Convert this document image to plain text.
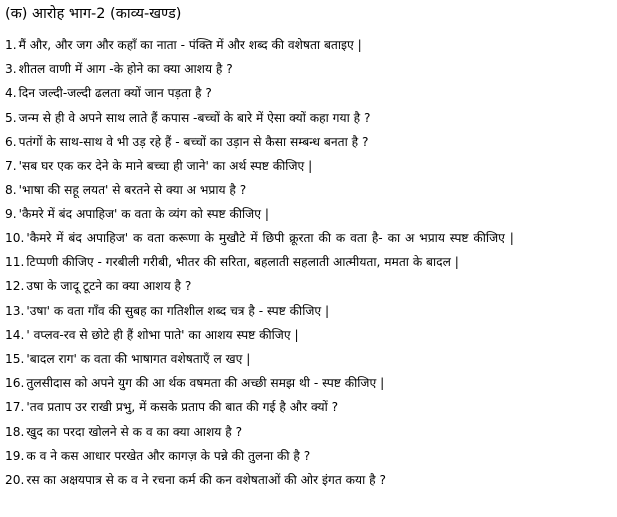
(क) आरोह भाग-2 (काव्य-खण्ड)
1. मैं और, और जग और कहाँ का नाता - पंक्ति में और शब्द की वशेषता बताइए |
3. शीतल वाणी में आग -के होने का क्या आशय है ?
4. दिन जल्दी-जल्दी ढलता क्यों जान पड़ता है ?
5. जन्म से ही वे अपने साथ लाते हैं कपास -बच्चों के बारे में ऐसा क्यों कहा गया है ?
6. पतंगों के साथ-साथ वे भी उड़ रहे हैं - बच्चों का उड़ान से कैसा सम्बन्ध बनता है ?
7. 'सब घर एक कर देने के माने बच्चा ही जाने' का अर्थ स्पष्ट कीजिए |
8. 'भाषा की सहू लयत' से बरतने से क्या अ भप्राय है ?
9. 'कैमरे में बंद अपाहिज' क वता के व्यंग को स्पष्ट कीजिए |
10. 'कैमरे में बंद अपाहिज' क वता करूणा के मुखौटे में छिपी क्रूरता की क वता है- का अ भप्राय स्पष्ट कीजिए |
11. टिप्पणी कीजिए - गरबीली गरीबी, भीतर की सरिता, बहलाती सहलाती आत्मीयता, ममता के बादल |
12. उषा के जादू टूटने का क्या आशय है ?
13. 'उषा' क वता गाँव की सुबह का गतिशील शब्द चत्र है - स्पष्ट कीजिए |
14. ' वप्लव-रव से छोटे ही हैं शोभा पाते' का आशय स्पष्ट कीजिए |
15. 'बादल राग' क वता की भाषागत वशेषताएँ ल खए |
16. तुलसीदास को अपने युग की आ र्थक वषमता की अच्छी समझ थी - स्पष्ट कीजिए |
17. 'तव प्रताप उर राखी प्रभु, में कसके प्रताप की बात की गई है और क्यों ?
18. खुद का परदा खोलने से क व का क्या आशय है ?
19. क व ने कस आधार परखेत और कागज़ के पन्ने की तुलना की है ?
20. रस का अक्षयपात्र से क व ने रचना कर्म की कन वशेषताओं की ओर इंगत कया है ?
